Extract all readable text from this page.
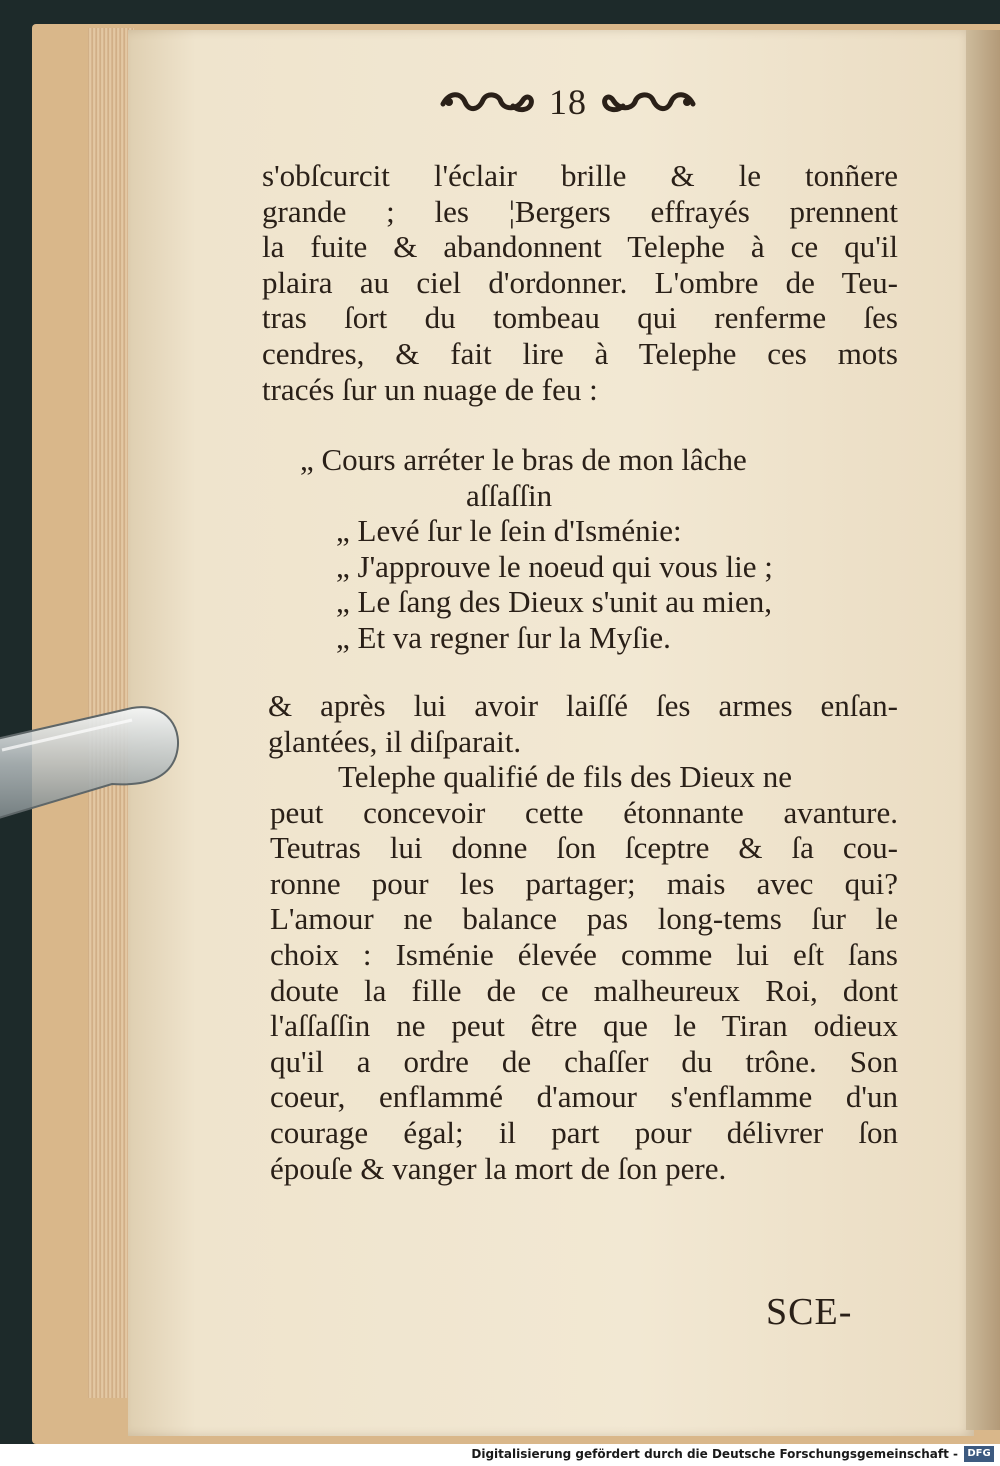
18
s'obſcurcit l'éclair brille & le tonñere
grande ; les ¦Bergers effrayés prennent
la fuite & abandonnent Telephe à ce qu'il
plaira au ciel d'ordonner. L'ombre de Teu-
tras ſort du tombeau qui renferme ſes
cendres, & fait lire à Telephe ces mots
tracés ſur un nuage de feu :
„ Cours arréter le bras de mon lâche
aſſaſſin
„ Levé ſur le ſein d'Isménie:
„ J'approuve le noeud qui vous lie ;
„ Le ſang des Dieux s'unit au mien,
„ Et va regner ſur la Myſie.
& après lui avoir laiſſé ſes armes enſan-
glantées, il diſparait.
Telephe qualifié de fils des Dieux ne
peut concevoir cette étonnante avanture.
Teutras lui donne ſon ſceptre & ſa cou-
ronne pour les partager; mais avec qui?
L'amour ne balance pas long-tems ſur le
choix : Isménie élevée comme lui eſt ſans
doute la fille de ce malheureux Roi, dont
l'aſſaſſin ne peut être que le Tiran odieux
qu'il a ordre de chaſſer du trône. Son
coeur, enflammé d'amour s'enflamme d'un
courage égal; il part pour délivrer ſon
épouſe & vanger la mort de ſon pere.
SCE-
Digitalisierung gefördert durch die Deutsche Forschungsgemeinschaft - DFG
